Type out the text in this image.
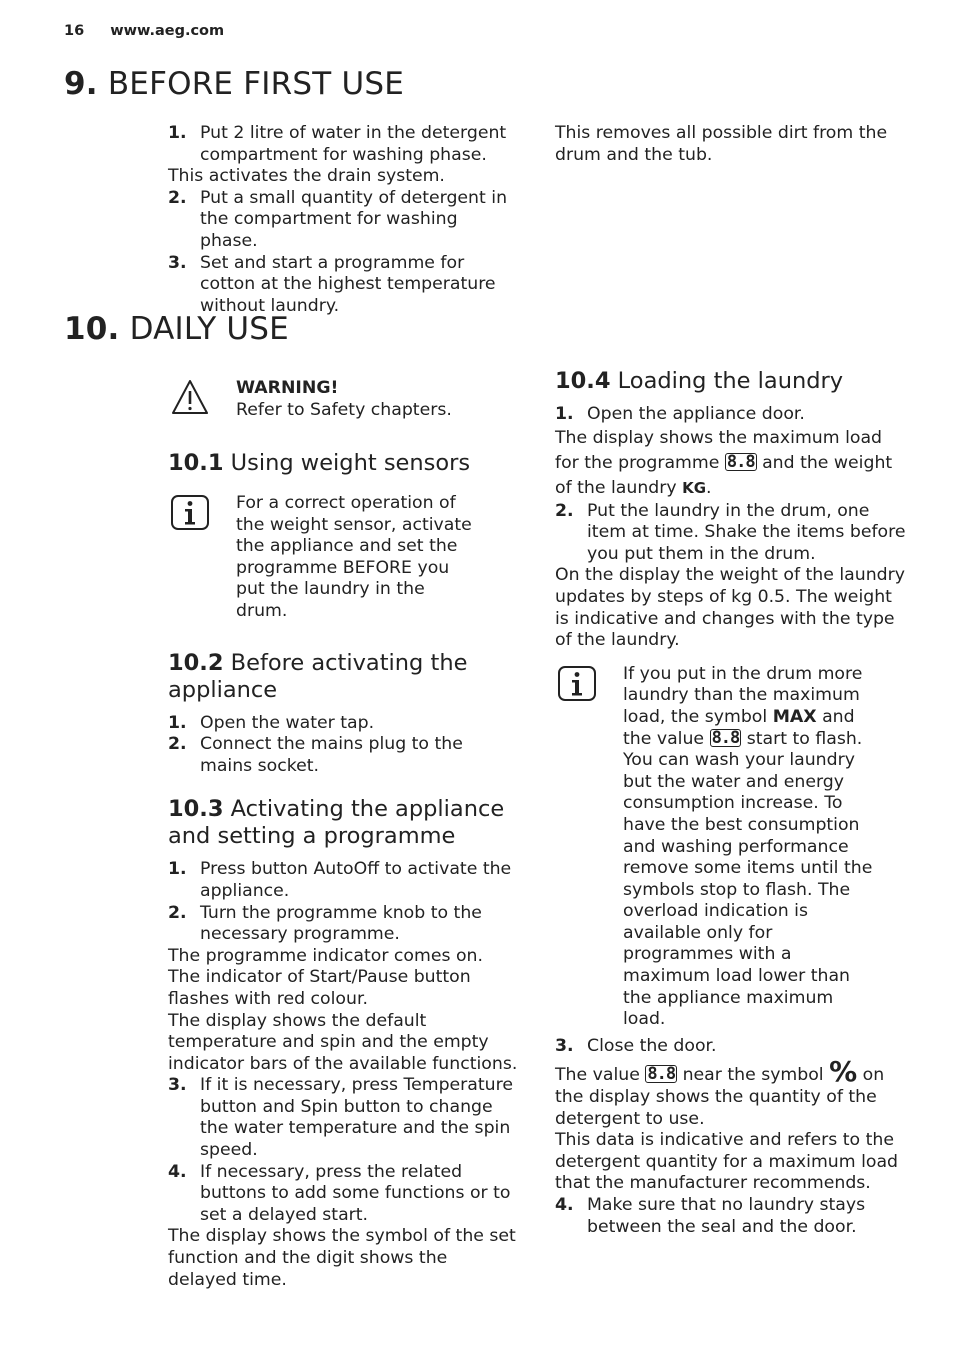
16 www.aeg.com
9. BEFORE FIRST USE
1. Put 2 litre of water in the detergent compartment for washing phase.

This activates the drain system.

2. Put a small quantity of detergent in the compartment for washing phase.
3. Set and start a programme for cotton at the highest temperature without laundry.

This removes all possible dirt from the drum and the tub.

10. DAILY USE

WARNING!

Refer to Safety chapters.

10.1 Using weight sensors

For a correct operation of the weight sensor, activate the appliance and set the programme BEFORE you put the laundry in the drum.

10.2 Before activating the appliance
1. Open the water tap.
2. Connect the mains plug to the mains socket.
10.3 Activating the appliance and setting a programme
1. Press button AutoOff to activate the appliance.
2. Turn the programme knob to the necessary programme.

The programme indicator comes on. The indicator of Start/Pause button flashes with red colour.

The display shows the default temperature and spin and the empty indicator bars of the available functions.

3. If it is necessary, press Temperature button and Spin button to change the water temperature and the spin speed.
4. If necessary, press the related buttons to add some functions or to set a delayed start.

The display shows the symbol of the set function and the digit shows the delayed time.

10.4 Loading the laundry
1. Open the appliance door.

The display shows the maximum load for the programme 8.8 and the weight of the laundry KG.

2. Put the laundry in the drum, one item at time. Shake the items before you put them in the drum.

On the display the weight of the laundry updates by steps of kg 0.5. The weight is indicative and changes with the type of the laundry.

If you put in the drum more laundry than the maximum load, the symbol MAX and the value 8.8 start to flash. You can wash your laundry but the water and energy consumption increase. To have the best consumption and washing performance remove some items until the symbols stop to flash. The overload indication is available only for programmes with a maximum load lower than the appliance maximum load.

3. Close the door.

The value 8.8 near the symbol % on the display shows the quantity of the detergent to use.

This data is indicative and refers to the detergent quantity for a maximum load that the manufacturer recommends.

4. Make sure that no laundry stays between the seal and the door.
